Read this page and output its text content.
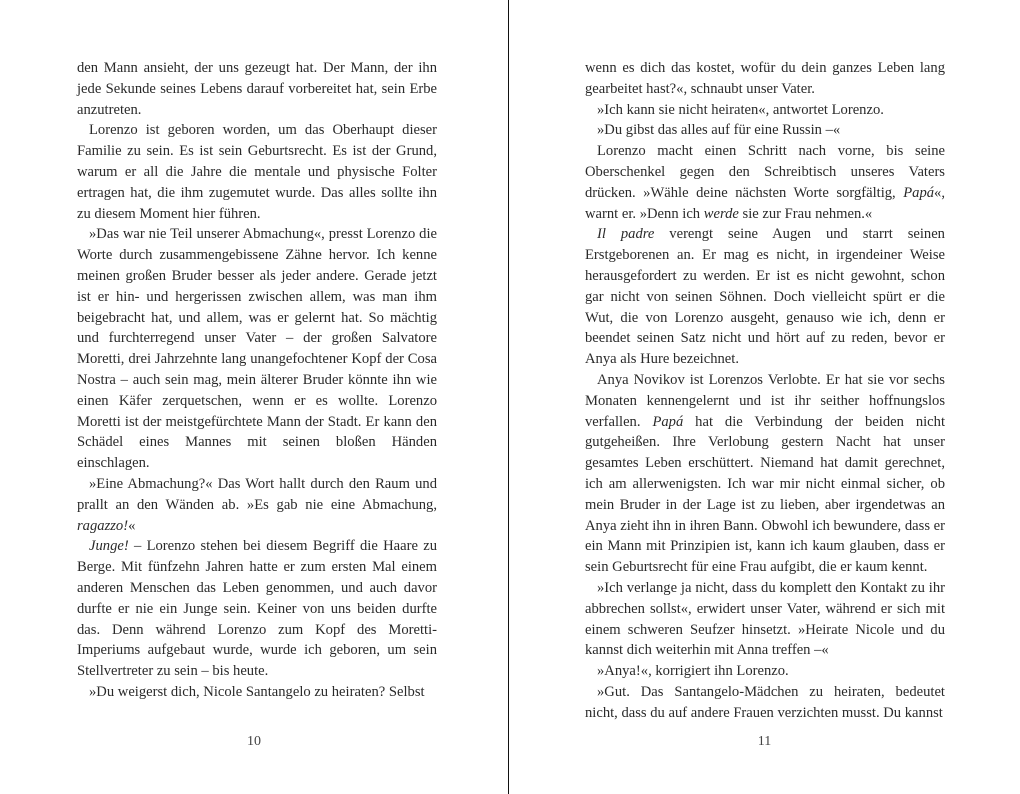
den Mann ansieht, der uns gezeugt hat. Der Mann, der ihn jede Sekunde seines Lebens darauf vorbereitet hat, sein Erbe anzutreten.

Lorenzo ist geboren worden, um das Oberhaupt dieser Familie zu sein. Es ist sein Geburtsrecht. Es ist der Grund, warum er all die Jahre die mentale und physische Folter ertragen hat, die ihm zugemutet wurde. Das alles sollte ihn zu diesem Moment hier führen.

»Das war nie Teil unserer Abmachung«, presst Lorenzo die Worte durch zusammengebissene Zähne hervor. Ich kenne meinen großen Bruder besser als jeder andere. Gerade jetzt ist er hin- und hergerissen zwischen allem, was man ihm beigebracht hat, und allem, was er gelernt hat. So mächtig und furchterregend unser Vater – der großen Salvatore Moretti, drei Jahrzehnte lang unangefochtener Kopf der Cosa Nostra – auch sein mag, mein älterer Bruder könnte ihn wie einen Käfer zerquetschen, wenn er es wollte. Lorenzo Moretti ist der meistgefürchtete Mann der Stadt. Er kann den Schädel eines Mannes mit seinen bloßen Händen einschlagen.

»Eine Abmachung?« Das Wort hallt durch den Raum und prallt an den Wänden ab. »Es gab nie eine Abmachung, ragazzo!«

Junge! – Lorenzo stehen bei diesem Begriff die Haare zu Berge. Mit fünfzehn Jahren hatte er zum ersten Mal einem anderen Menschen das Leben genommen, und auch davor durfte er nie ein Junge sein. Keiner von uns beiden durfte das. Denn während Lorenzo zum Kopf des Moretti-Imperiums aufgebaut wurde, wurde ich geboren, um sein Stellvertreter zu sein – bis heute.

»Du weigerst dich, Nicole Santangelo zu heiraten? Selbst

10

wenn es dich das kostet, wofür du dein ganzes Leben lang gearbeitet hast?«, schnaubt unser Vater.

»Ich kann sie nicht heiraten«, antwortet Lorenzo.

»Du gibst das alles auf für eine Russin –«

Lorenzo macht einen Schritt nach vorne, bis seine Oberschenkel gegen den Schreibtisch unseres Vaters drücken. »Wähle deine nächsten Worte sorgfältig, Papá«, warnt er. »Denn ich werde sie zur Frau nehmen.«

Il padre verengt seine Augen und starrt seinen Erstgeborenen an. Er mag es nicht, in irgendeiner Weise herausgefordert zu werden. Er ist es nicht gewohnt, schon gar nicht von seinen Söhnen. Doch vielleicht spürt er die Wut, die von Lorenzo ausgeht, genauso wie ich, denn er beendet seinen Satz nicht und hört auf zu reden, bevor er Anya als Hure bezeichnet.

Anya Novikov ist Lorenzos Verlobte. Er hat sie vor sechs Monaten kennengelernt und ist ihr seither hoffnungslos verfallen. Papá hat die Verbindung der beiden nicht gutgeheißen. Ihre Verlobung gestern Nacht hat unser gesamtes Leben erschüttert. Niemand hat damit gerechnet, ich am allerwenigsten. Ich war mir nicht einmal sicher, ob mein Bruder in der Lage ist zu lieben, aber irgendetwas an Anya zieht ihn in ihren Bann. Obwohl ich bewundere, dass er ein Mann mit Prinzipien ist, kann ich kaum glauben, dass er sein Geburtsrecht für eine Frau aufgibt, die er kaum kennt.

»Ich verlange ja nicht, dass du komplett den Kontakt zu ihr abbrechen sollst«, erwidert unser Vater, während er sich mit einem schweren Seufzer hinsetzt. »Heirate Nicole und du kannst dich weiterhin mit Anna treffen –«

»Anya!«, korrigiert ihn Lorenzo.

»Gut. Das Santangelo-Mädchen zu heiraten, bedeutet nicht, dass du auf andere Frauen verzichten musst. Du kannst

11
